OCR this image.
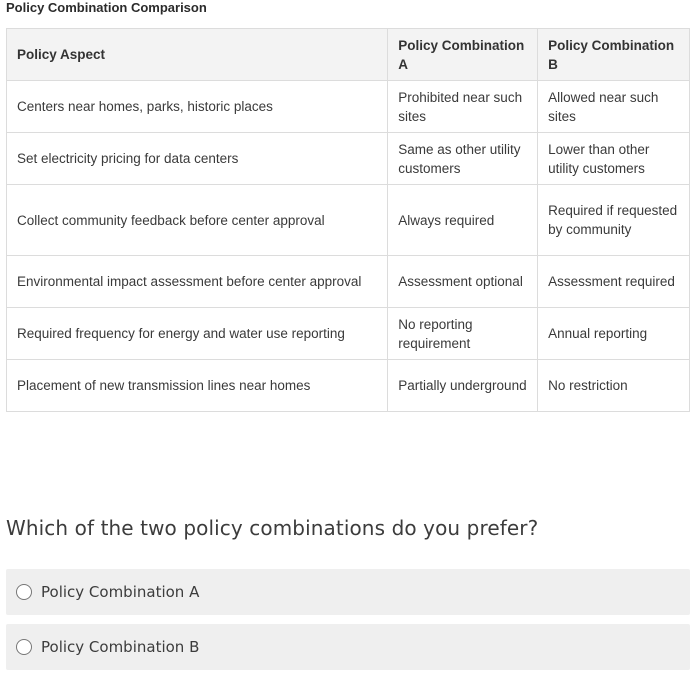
Policy Combination Comparison
Policy Aspect	Policy Combination A	Policy Combination B
Centers near homes, parks, historic places	Prohibited near such sites	Allowed near such sites
Set electricity pricing for data centers	Same as other utility customers	Lower than other utility customers
Collect community feedback before center approval	Always required	Required if requested by community
Environmental impact assessment before center approval	Assessment optional	Assessment required
Required frequency for energy and water use reporting	No reporting requirement	Annual reporting
Placement of new transmission lines near homes	Partially underground	No restriction
Which of the two policy combinations do you prefer?
Policy Combination A
Policy Combination B
